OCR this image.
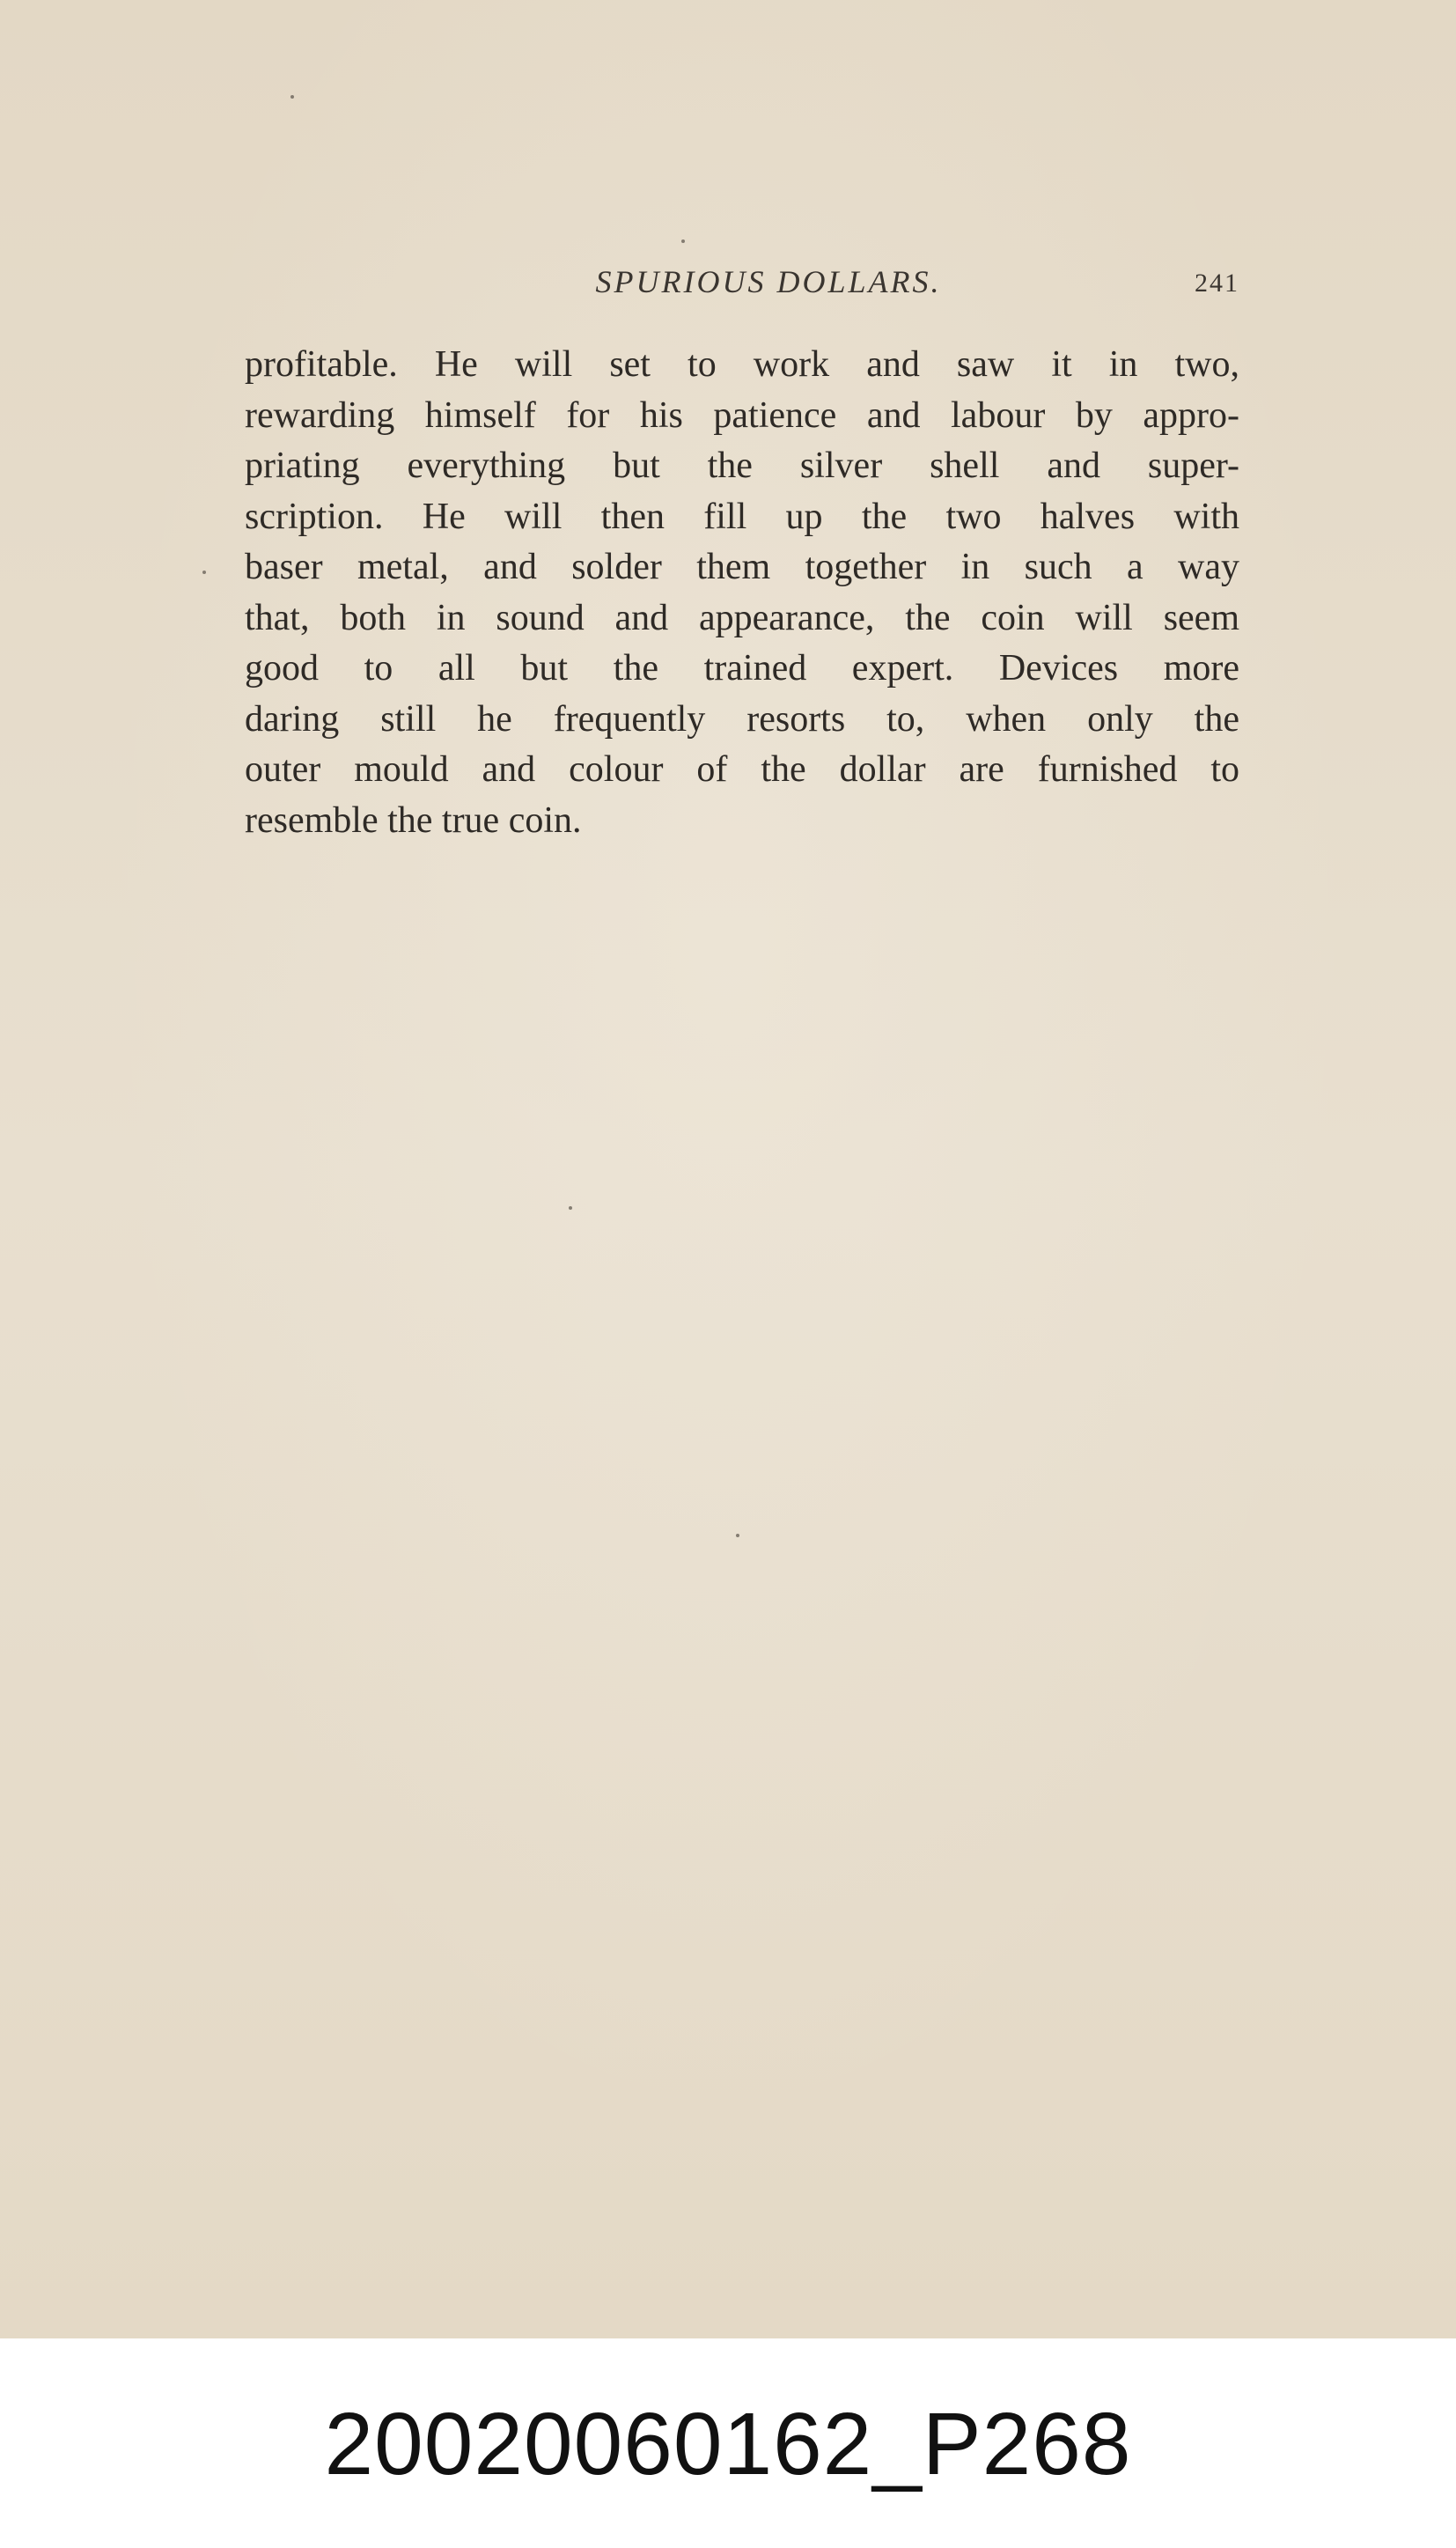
SPURIOUS DOLLARS.	241
profitable. He will set to work and saw it in two,
rewarding himself for his patience and labour by appro-
priating everything but the silver shell and super-
scription. He will then fill up the two halves with
baser metal, and solder them together in such a way
that, both in sound and appearance, the coin will seem
good to all but the trained expert. Devices more
daring still he frequently resorts to, when only the
outer mould and colour of the dollar are furnished to
resemble the true coin.
20020060162_P268
